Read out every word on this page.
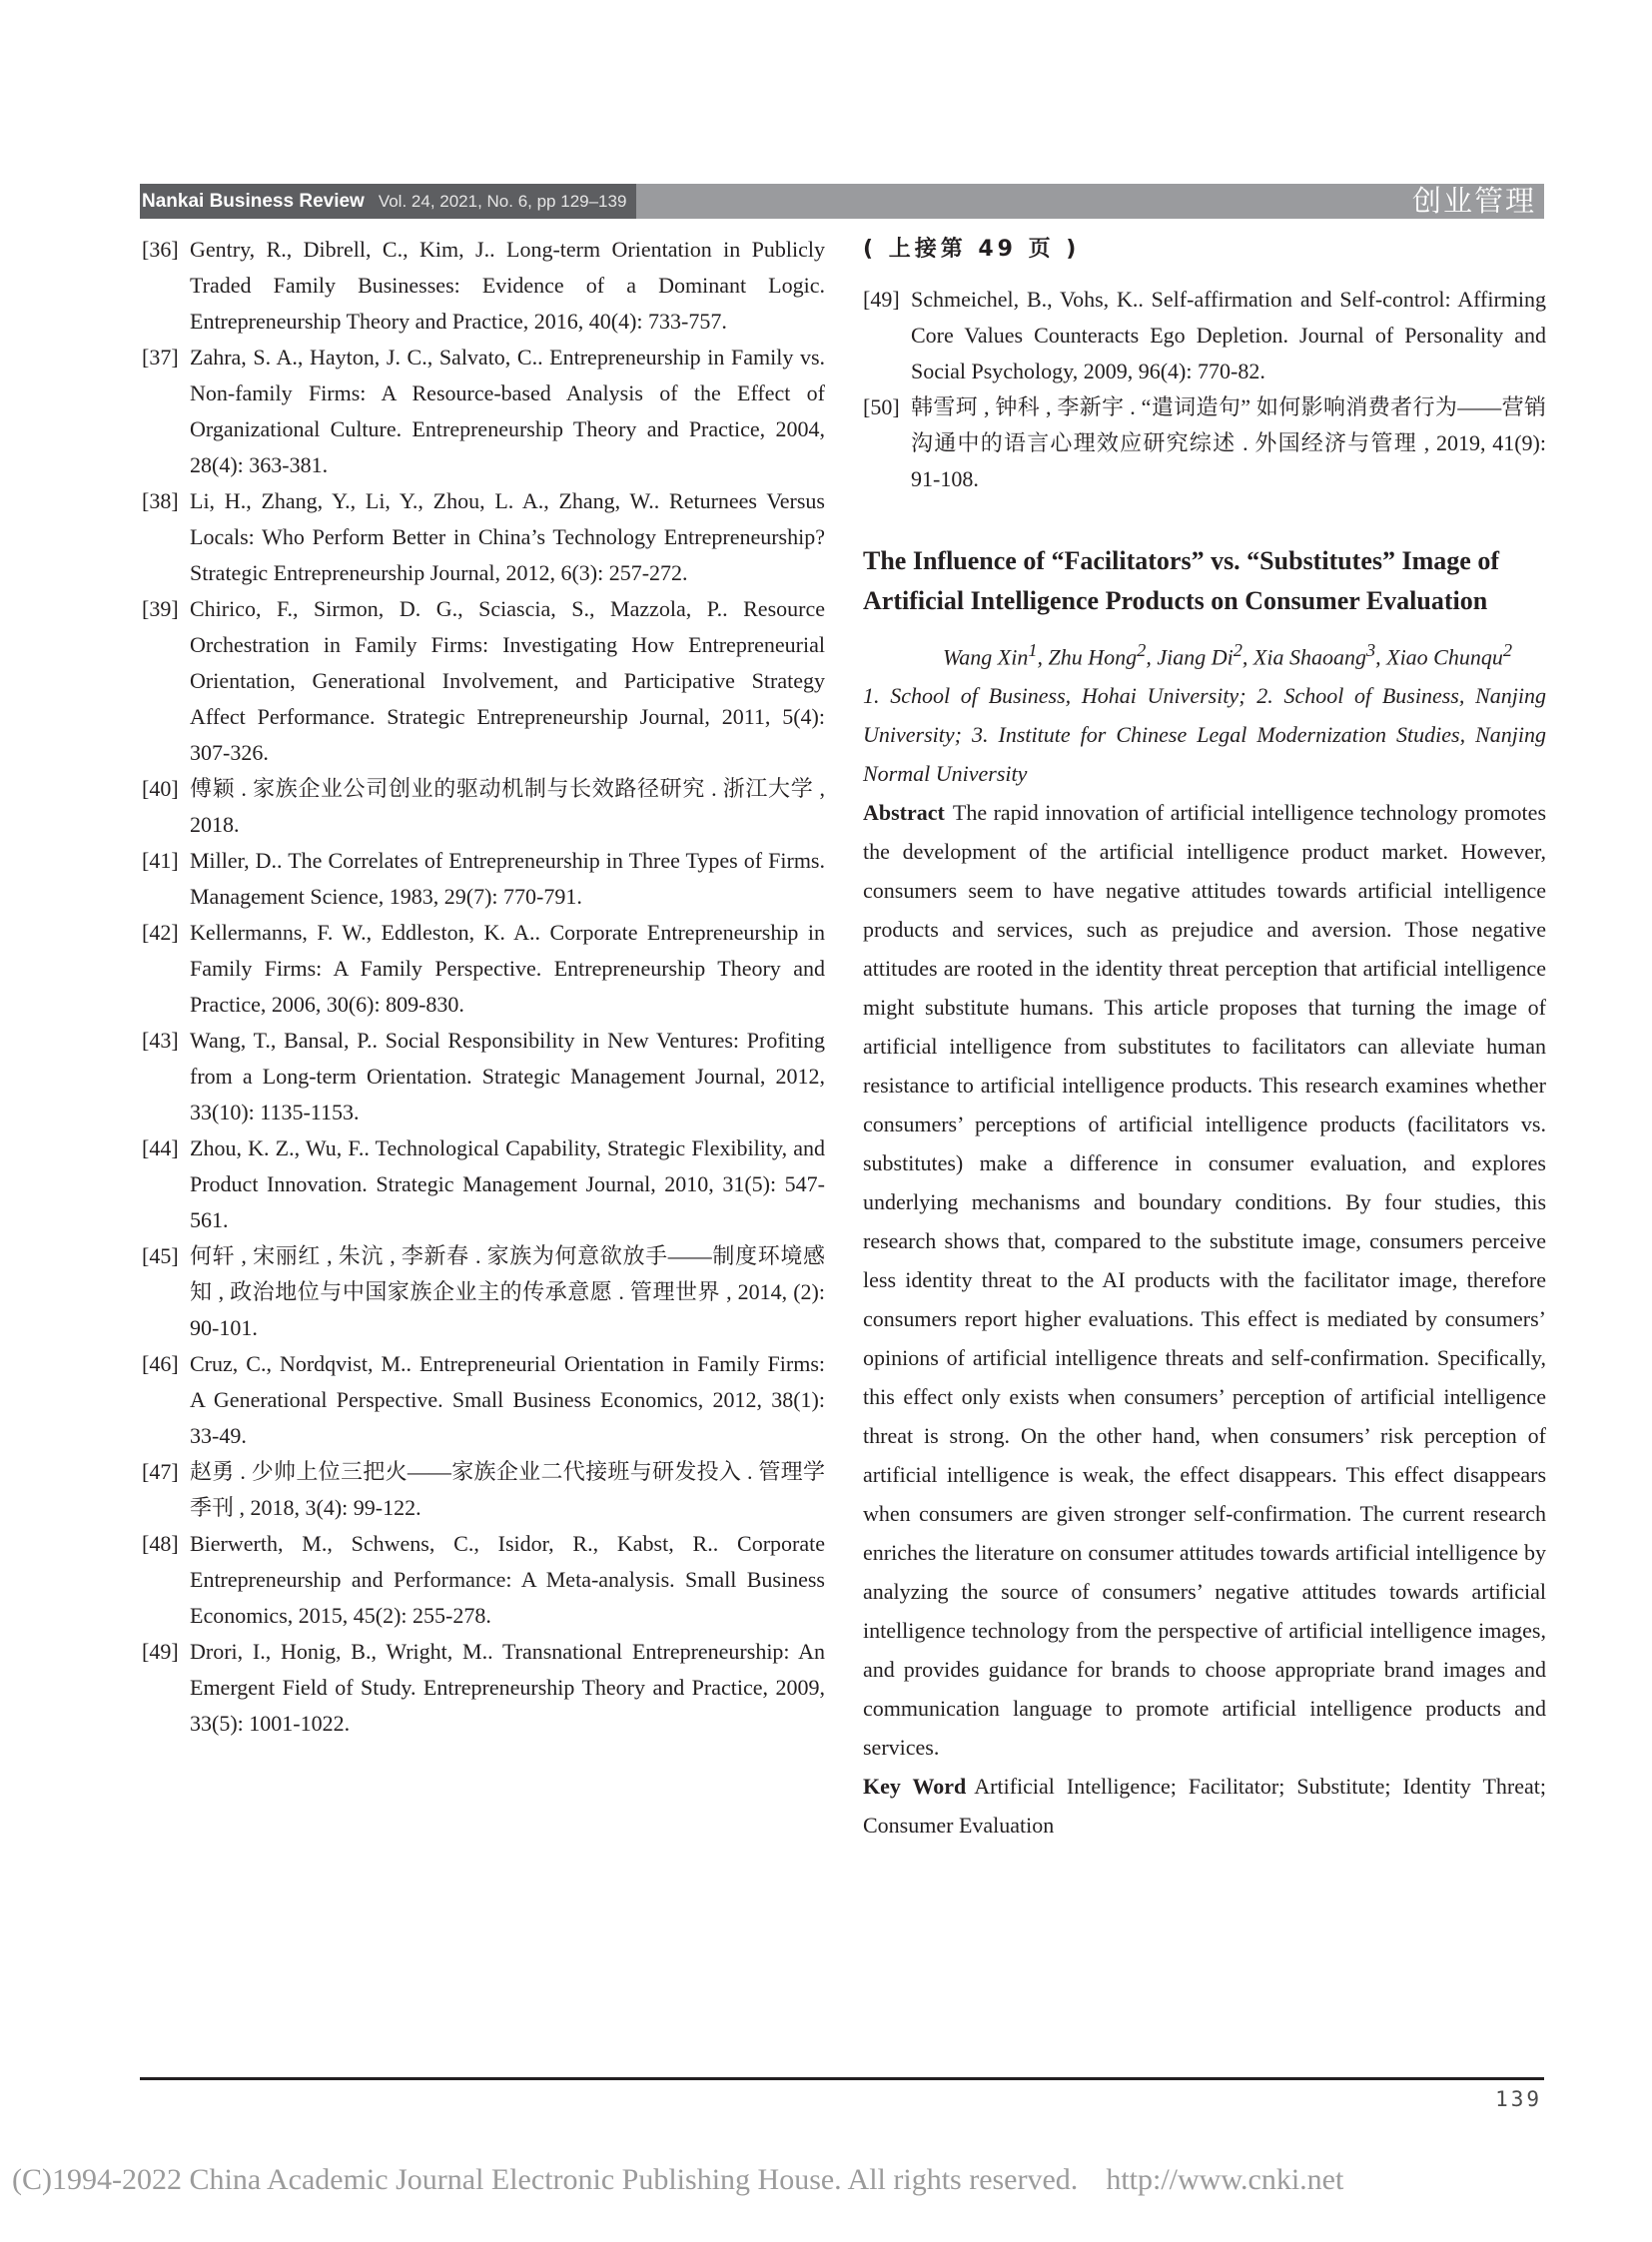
Nankai Business Review Vol. 24, 2021, No. 6, pp 129–139	创业管理
[36] Gentry, R., Dibrell, C., Kim, J.. Long-term Orientation in Publicly Traded Family Businesses: Evidence of a Dominant Logic. Entrepreneurship Theory and Practice, 2016, 40(4): 733-757.
[37] Zahra, S. A., Hayton, J. C., Salvato, C.. Entrepreneurship in Family vs. Non-family Firms: A Resource-based Analysis of the Effect of Organizational Culture. Entrepreneurship Theory and Practice, 2004, 28(4): 363-381.
[38] Li, H., Zhang, Y., Li, Y., Zhou, L. A., Zhang, W.. Returnees Versus Locals: Who Perform Better in China’s Technology Entrepreneurship? Strategic Entrepreneurship Journal, 2012, 6(3): 257-272.
[39] Chirico, F., Sirmon, D. G., Sciascia, S., Mazzola, P.. Resource Orchestration in Family Firms: Investigating How Entrepreneurial Orientation, Generational Involvement, and Participative Strategy Affect Performance. Strategic Entrepreneurship Journal, 2011, 5(4): 307-326.
[40] 傅颖 . 家族企业公司创业的驱动机制与长效路径研究 . 浙江大学 , 2018.
[41] Miller, D.. The Correlates of Entrepreneurship in Three Types of Firms. Management Science, 1983, 29(7): 770-791.
[42] Kellermanns, F. W., Eddleston, K. A.. Corporate Entrepreneurship in Family Firms: A Family Perspective. Entrepreneurship Theory and Practice, 2006, 30(6): 809-830.
[43] Wang, T., Bansal, P.. Social Responsibility in New Ventures: Profiting from a Long-term Orientation. Strategic Management Journal, 2012, 33(10): 1135-1153.
[44] Zhou, K. Z., Wu, F.. Technological Capability, Strategic Flexibility, and Product Innovation. Strategic Management Journal, 2010, 31(5): 547-561.
[45] 何轩 , 宋丽红 , 朱沆 , 李新春 . 家族为何意欲放手——制度环境感知 , 政治地位与中国家族企业主的传承意愿 . 管理世界 , 2014, (2): 90-101.
[46] Cruz, C., Nordqvist, M.. Entrepreneurial Orientation in Family Firms: A Generational Perspective. Small Business Economics, 2012, 38(1): 33-49.
[47] 赵勇 . 少帅上位三把火——家族企业二代接班与研发投入 . 管理学季刊 , 2018, 3(4): 99-122.
[48] Bierwerth, M., Schwens, C., Isidor, R., Kabst, R.. Corporate Entrepreneurship and Performance: A Meta-analysis. Small Business Economics, 2015, 45(2): 255-278.
[49] Drori, I., Honig, B., Wright, M.. Transnational Entrepreneurship: An Emergent Field of Study. Entrepreneurship Theory and Practice, 2009, 33(5): 1001-1022.
( 上接第 49 页 )
[49] Schmeichel, B., Vohs, K.. Self-affirmation and Self-control: Affirming Core Values Counteracts Ego Depletion. Journal of Personality and Social Psychology, 2009, 96(4): 770-82.
[50] 韩雪珂 , 钟科 , 李新宇 . “遣词造句” 如何影响消费者行为——营销沟通中的语言心理效应研究综述 . 外国经济与管理 , 2019, 41(9): 91-108.
The Influence of “Facilitators” vs. “Substitutes” Image of Artificial Intelligence Products on Consumer Evaluation
Wang Xin$^1$, Zhu Hong$^2$, Jiang Di$^2$, Xia Shaoang$^3$, Xiao Chunqu$^2$
1. School of Business, Hohai University; 2. School of Business, Nanjing University; 3. Institute for Chinese Legal Modernization Studies, Nanjing Normal University
Abstract The rapid innovation of artificial intelligence technology promotes the development of the artificial intelligence product market. However, consumers seem to have negative attitudes towards artificial intelligence products and services, such as prejudice and aversion. Those negative attitudes are rooted in the identity threat perception that artificial intelligence might substitute humans. This article proposes that turning the image of artificial intelligence from substitutes to facilitators can alleviate human resistance to artificial intelligence products. This research examines whether consumers’ perceptions of artificial intelligence products (facilitators vs. substitutes) make a difference in consumer evaluation, and explores underlying mechanisms and boundary conditions. By four studies, this research shows that, compared to the substitute image, consumers perceive less identity threat to the AI products with the facilitator image, therefore consumers report higher evaluations. This effect is mediated by consumers’ opinions of artificial intelligence threats and self-confirmation. Specifically, this effect only exists when consumers’ perception of artificial intelligence threat is strong. On the other hand, when consumers’ risk perception of artificial intelligence is weak, the effect disappears. This effect disappears when consumers are given stronger self-confirmation. The current research enriches the literature on consumer attitudes towards artificial intelligence by analyzing the source of consumers’ negative attitudes towards artificial intelligence technology from the perspective of artificial intelligence images, and provides guidance for brands to choose appropriate brand images and communication language to promote artificial intelligence products and services.
Key Word Artificial Intelligence; Facilitator; Substitute; Identity Threat; Consumer Evaluation
139
(C)1994-2022 China Academic Journal Electronic Publishing House. All rights reserved. http://www.cnki.net
